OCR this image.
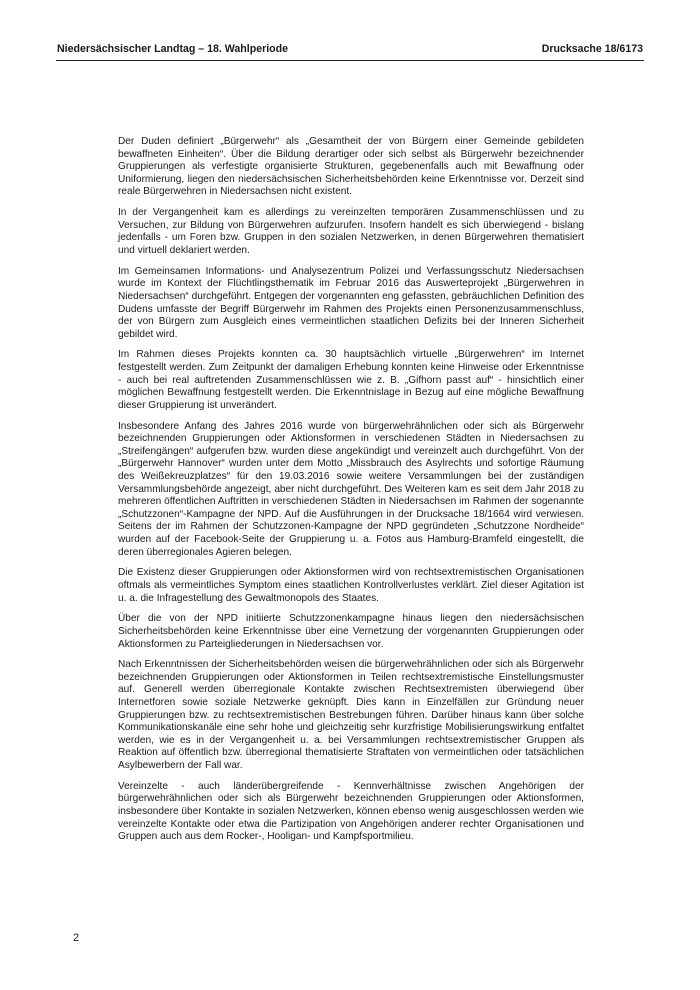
Niedersächsischer Landtag – 18. Wahlperiode	Drucksache 18/6173

Der Duden definiert „Bürgerwehr“ als „Gesamtheit der von Bürgern einer Gemeinde gebildeten bewaffneten Einheiten“. Über die Bildung derartiger oder sich selbst als Bürgerwehr bezeichnender Gruppierungen als verfestigte organisierte Strukturen, gegebenenfalls auch mit Bewaffnung oder Uniformierung, liegen den niedersächsischen Sicherheitsbehörden keine Erkenntnisse vor. Derzeit sind reale Bürgerwehren in Niedersachsen nicht existent.

In der Vergangenheit kam es allerdings zu vereinzelten temporären Zusammenschlüssen und zu Versuchen, zur Bildung von Bürgerwehren aufzurufen. Insofern handelt es sich überwiegend - bislang jedenfalls - um Foren bzw. Gruppen in den sozialen Netzwerken, in denen Bürgerwehren thematisiert und virtuell deklariert werden.

Im Gemeinsamen Informations- und Analysezentrum Polizei und Verfassungsschutz Niedersachsen wurde im Kontext der Flüchtlingsthematik im Februar 2016 das Auswerteprojekt „Bürgerwehren in Niedersachsen“ durchgeführt. Entgegen der vorgenannten eng gefassten, gebräuchlichen Definition des Dudens umfasste der Begriff Bürgerwehr im Rahmen des Projekts einen Personenzusammenschluss, der von Bürgern zum Ausgleich eines vermeintlichen staatlichen Defizits bei der Inneren Sicherheit gebildet wird.

Im Rahmen dieses Projekts konnten ca. 30 hauptsächlich virtuelle „Bürgerwehren“ im Internet festgestellt werden. Zum Zeitpunkt der damaligen Erhebung konnten keine Hinweise oder Erkenntnisse - auch bei real auftretenden Zusammenschlüssen wie z. B. „Gifhorn passt auf“ - hinsichtlich einer möglichen Bewaffnung festgestellt werden. Die Erkenntnislage in Bezug auf eine mögliche Bewaffnung dieser Gruppierung ist unverändert.

Insbesondere Anfang des Jahres 2016 wurde von bürgerwehrähnlichen oder sich als Bürgerwehr bezeichnenden Gruppierungen oder Aktionsformen in verschiedenen Städten in Niedersachsen zu „Streifengängen“ aufgerufen bzw. wurden diese angekündigt und vereinzelt auch durchgeführt. Von der „Bürgerwehr Hannover“ wurden unter dem Motto „Missbrauch des Asylrechts und sofortige Räumung des Weißekreuzplatzes“ für den 19.03.2016 sowie weitere Versammlungen bei der zuständigen Versammlungsbehörde angezeigt, aber nicht durchgeführt. Des Weiteren kam es seit dem Jahr 2018 zu mehreren öffentlichen Auftritten in verschiedenen Städten in Niedersachsen im Rahmen der sogenannte „Schutzzonen“-Kampagne der NPD. Auf die Ausführungen in der Drucksache 18/1664 wird verwiesen. Seitens der im Rahmen der Schutzzonen-Kampagne der NPD gegründeten „Schutzzone Nordheide“ wurden auf der Facebook-Seite der Gruppierung u. a. Fotos aus Hamburg-Bramfeld eingestellt, die deren überregionales Agieren belegen.

Die Existenz dieser Gruppierungen oder Aktionsformen wird von rechtsextremistischen Organisationen oftmals als vermeintliches Symptom eines staatlichen Kontrollverlustes verklärt. Ziel dieser Agitation ist u. a. die Infragestellung des Gewaltmonopols des Staates.

Über die von der NPD initiierte Schutzzonenkampagne hinaus liegen den niedersächsischen Sicherheitsbehörden keine Erkenntnisse über eine Vernetzung der vorgenannten Gruppierungen oder Aktionsformen zu Parteigliederungen in Niedersachsen vor.

Nach Erkenntnissen der Sicherheitsbehörden weisen die bürgerwehrähnlichen oder sich als Bürgerwehr bezeichnenden Gruppierungen oder Aktionsformen in Teilen rechtsextremistische Einstellungsmuster auf. Generell werden überregionale Kontakte zwischen Rechtsextremisten überwiegend über Internetforen sowie soziale Netzwerke geknüpft. Dies kann in Einzelfällen zur Gründung neuer Gruppierungen bzw. zu rechtsextremistischen Bestrebungen führen. Darüber hinaus kann über solche Kommunikationskanäle eine sehr hohe und gleichzeitig sehr kurzfristige Mobilisierungswirkung entfaltet werden, wie es in der Vergangenheit u. a. bei Versammlungen rechtsextremistischer Gruppen als Reaktion auf öffentlich bzw. überregional thematisierte Straftaten von vermeintlichen oder tatsächlichen Asylbewerbern der Fall war.

Vereinzelte - auch länderübergreifende - Kennverhältnisse zwischen Angehörigen der bürgerwehrähnlichen oder sich als Bürgerwehr bezeichnenden Gruppierungen oder Aktionsformen, insbesondere über Kontakte in sozialen Netzwerken, können ebenso wenig ausgeschlossen werden wie vereinzelte Kontakte oder etwa die Partizipation von Angehörigen anderer rechter Organisationen und Gruppen auch aus dem Rocker-, Hooligan- und Kampfsportmilieu.

2
